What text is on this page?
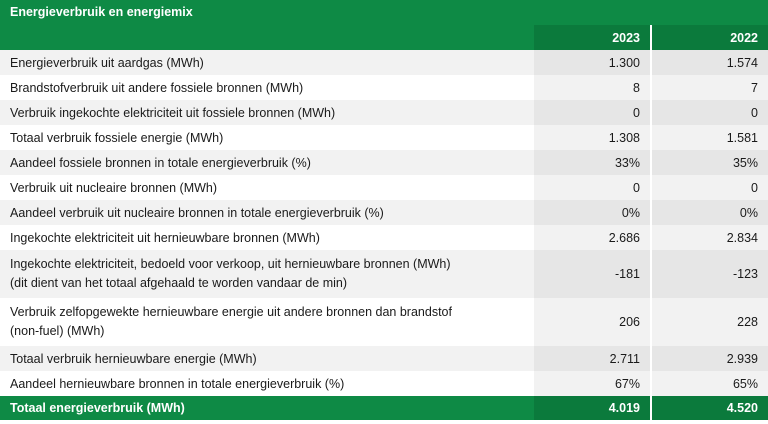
Energieverbruik en energiemix
	2023	2022
Energieverbruik uit aardgas (MWh)	1.300	1.574
Brandstofverbruik uit andere fossiele bronnen (MWh)	8	7
Verbruik ingekochte elektriciteit uit fossiele bronnen (MWh)	0	0
Totaal verbruik fossiele energie (MWh)	1.308	1.581
Aandeel fossiele bronnen in totale energieverbruik (%)	33%	35%
Verbruik uit nucleaire bronnen (MWh)	0	0
Aandeel verbruik uit nucleaire bronnen in totale energieverbruik (%)	0%	0%
Ingekochte elektriciteit uit hernieuwbare bronnen (MWh)	2.686	2.834

Ingekochte elektriciteit, bedoeld voor verkoop, uit hernieuwbare bronnen (MWh)
(dit dient van het totaal afgehaald te worden vandaar de min)	-181	-123

Verbruik zelfopgewekte hernieuwbare energie uit andere bronnen dan brandstof
(non-fuel) (MWh)	206	228
Totaal verbruik hernieuwbare energie (MWh)	2.711	2.939
Aandeel hernieuwbare bronnen in totale energieverbruik (%)	67%	65%
Totaal energieverbruik (MWh)	4.019	4.520
